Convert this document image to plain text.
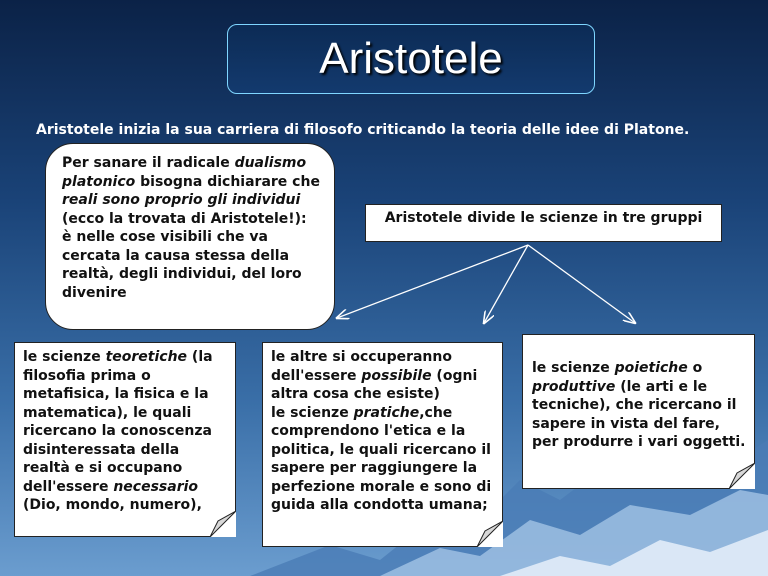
Aristotele
Aristotele inizia la sua carriera di filosofo criticando la teoria delle idee di Platone.
Per sanare il radicale dualismo platonico bisogna dichiarare che reali sono proprio gli individui (ecco la trovata di Aristotele!): è nelle cose visibili che va cercata la causa stessa della realtà, degli individui, del loro divenire
Aristotele divide le scienze in tre gruppi
le scienze teoretiche (la filosofia prima o metafisica, la fisica e la matematica), le quali ricercano la conoscenza disinteressata della realtà e si occupano dell'essere necessario (Dio, mondo, numero),
le altre si occuperanno dell'essere possibile (ogni altra cosa che esiste)
le scienze pratiche,che comprendono l'etica e la politica, le quali ricercano il sapere per raggiungere la perfezione morale e sono di guida alla condotta umana;
le scienze poietiche o produttive (le arti e le tecniche), che ricercano il sapere in vista del fare, per produrre i vari oggetti.
